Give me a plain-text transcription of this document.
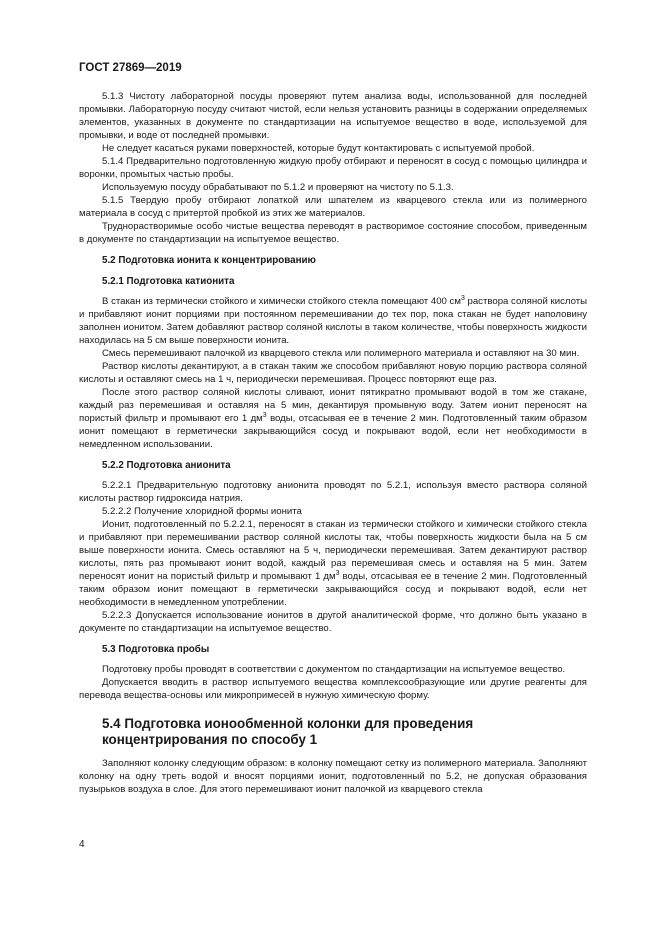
ГОСТ 27869—2019

5.1.3 Чистоту лабораторной посуды проверяют путем анализа воды, использованной для последней промывки. Лабораторную посуду считают чистой, если нельзя установить разницы в содержании определяемых элементов, указанных в документе по стандартизации на испытуемое вещество в воде, используемой для промывки, и воде от последней промывки.

Не следует касаться руками поверхностей, которые будут контактировать с испытуемой пробой.

5.1.4 Предварительно подготовленную жидкую пробу отбирают и переносят в сосуд с помощью цилиндра и воронки, промытых частью пробы.

Используемую посуду обрабатывают по 5.1.2 и проверяют на чистоту по 5.1.3.

5.1.5 Твердую пробу отбирают лопаткой или шпателем из кварцевого стекла или из полимерного материала в сосуд с притертой пробкой из этих же материалов.

Труднорастворимые особо чистые вещества переводят в растворимое состояние способом, приведенным в документе по стандартизации на испытуемое вещество.

5.2 Подготовка ионита к концентрированию
5.2.1 Подготовка катионита

В стакан из термически стойкого и химически стойкого стекла помещают 400 $см^3$ раствора соляной кислоты и прибавляют ионит порциями при постоянном перемешивании до тех пор, пока стакан не будет наполовину заполнен ионитом. Затем добавляют раствор соляной кислоты в таком количестве, чтобы поверхность жидкости находилась на 5 см выше поверхности ионита.

Смесь перемешивают палочкой из кварцевого стекла или полимерного материала и оставляют на 30 мин.

Раствор кислоты декантируют, а в стакан таким же способом прибавляют новую порцию раствора соляной кислоты и оставляют смесь на 1 ч, периодически перемешивая. Процесс повторяют еще раз.

После этого раствор соляной кислоты сливают, ионит пятикратно промывают водой в том же стакане, каждый раз перемешивая и оставляя на 5 мин, декантируя промывную воду. Затем ионит переносят на пористый фильтр и промывают его 1 $дм^3$ воды, отсасывая ее в течение 2 мин. Подготовленный таким образом ионит помещают в герметически закрывающийся сосуд и покрывают водой, если нет необходимости в немедленном использовании.

5.2.2 Подготовка анионита

5.2.2.1 Предварительную подготовку анионита проводят по 5.2.1, используя вместо раствора соляной кислоты раствор гидроксида натрия.

5.2.2.2 Получение хлоридной формы ионита

Ионит, подготовленный по 5.2.2.1, переносят в стакан из термически стойкого и химически стойкого стекла и прибавляют при перемешивании раствор соляной кислоты так, чтобы поверхность жидкости была на 5 см выше поверхности ионита. Смесь оставляют на 5 ч, периодически перемешивая. Затем декантируют раствор кислоты, пять раз промывают ионит водой, каждый раз перемешивая смесь и оставляя на 5 мин. Затем переносят ионит на пористый фильтр и промывают 1 $дм^3$ воды, отсасывая ее в течение 2 мин. Подготовленный таким образом ионит помещают в герметически закрывающийся сосуд и покрывают водой, если нет необходимости в немедленном употреблении.

5.2.2.3 Допускается использование ионитов в другой аналитической форме, что должно быть указано в документе по стандартизации на испытуемое вещество.

5.3 Подготовка пробы

Подготовку пробы проводят в соответствии с документом по стандартизации на испытуемое вещество.

Допускается вводить в раствор испытуемого вещества комплексообразующие или другие реагенты для перевода вещества-основы или микропримесей в нужную химическую форму.

5.4 Подготовка ионообменной колонки для проведения концентрирования по способу 1

Заполняют колонку следующим образом: в колонку помещают сетку из полимерного материала. Заполняют колонку на одну треть водой и вносят порциями ионит, подготовленный по 5.2, не допуская образования пузырьков воздуха в слое. Для этого перемешивают ионит палочкой из кварцевого стекла

4
